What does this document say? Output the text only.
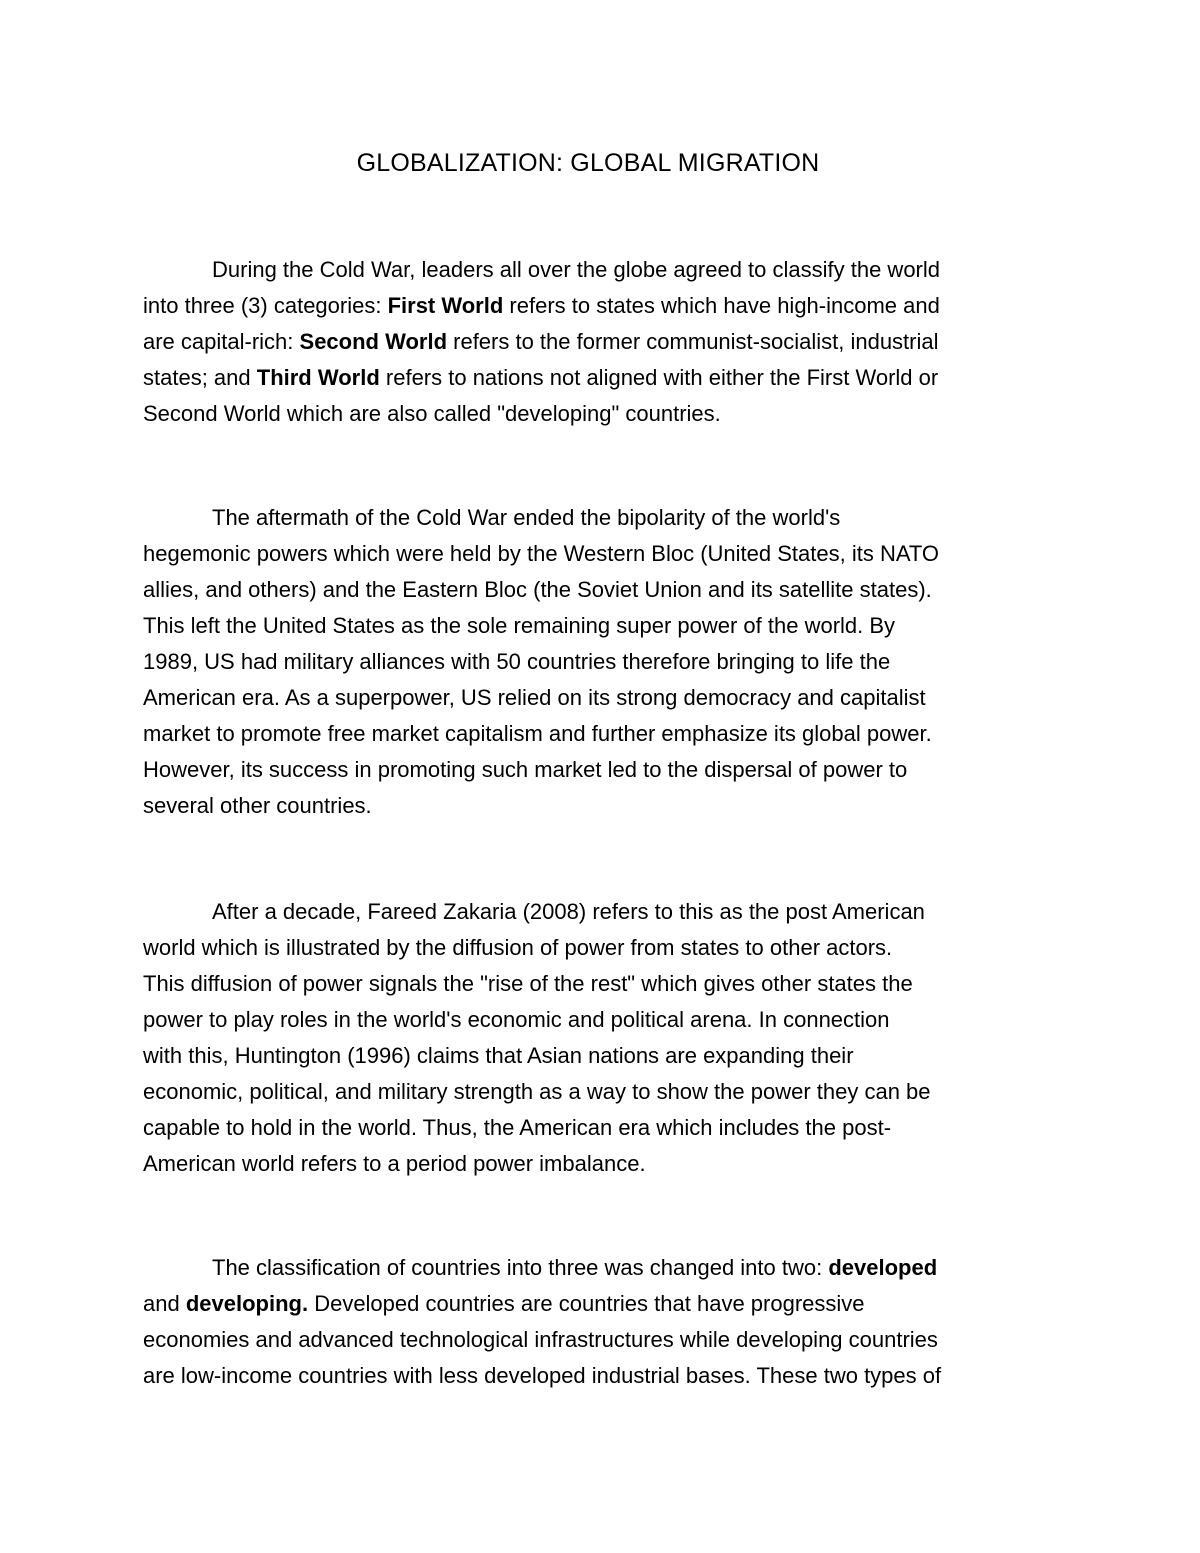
GLOBALIZATION: GLOBAL MIGRATION
During the Cold War, leaders all over the globe agreed to classify the world
into three (3) categories: First World refers to states which have high-income and
are capital-rich: Second World refers to the former communist-socialist, industrial
states; and Third World refers to nations not aligned with either the First World or
Second World which are also called "developing" countries.
The aftermath of the Cold War ended the bipolarity of the world's
hegemonic powers which were held by the Western Bloc (United States, its NATO
allies, and others) and the Eastern Bloc (the Soviet Union and its satellite states).
This left the United States as the sole remaining super power of the world. By
1989, US had military alliances with 50 countries therefore bringing to life the
American era. As a superpower, US relied on its strong democracy and capitalist
market to promote free market capitalism and further emphasize its global power.
However, its success in promoting such market led to the dispersal of power to
several other countries.
After a decade, Fareed Zakaria (2008) refers to this as the post American
world which is illustrated by the diffusion of power from states to other actors.
This diffusion of power signals the "rise of the rest" which gives other states the
power to play roles in the world's economic and political arena. In connection
with this, Huntington (1996) claims that Asian nations are expanding their
economic, political, and military strength as a way to show the power they can be
capable to hold in the world. Thus, the American era which includes the post-
American world refers to a period power imbalance.
The classification of countries into three was changed into two: developed
and developing. Developed countries are countries that have progressive
economies and advanced technological infrastructures while developing countries
are low-income countries with less developed industrial bases. These two types of
